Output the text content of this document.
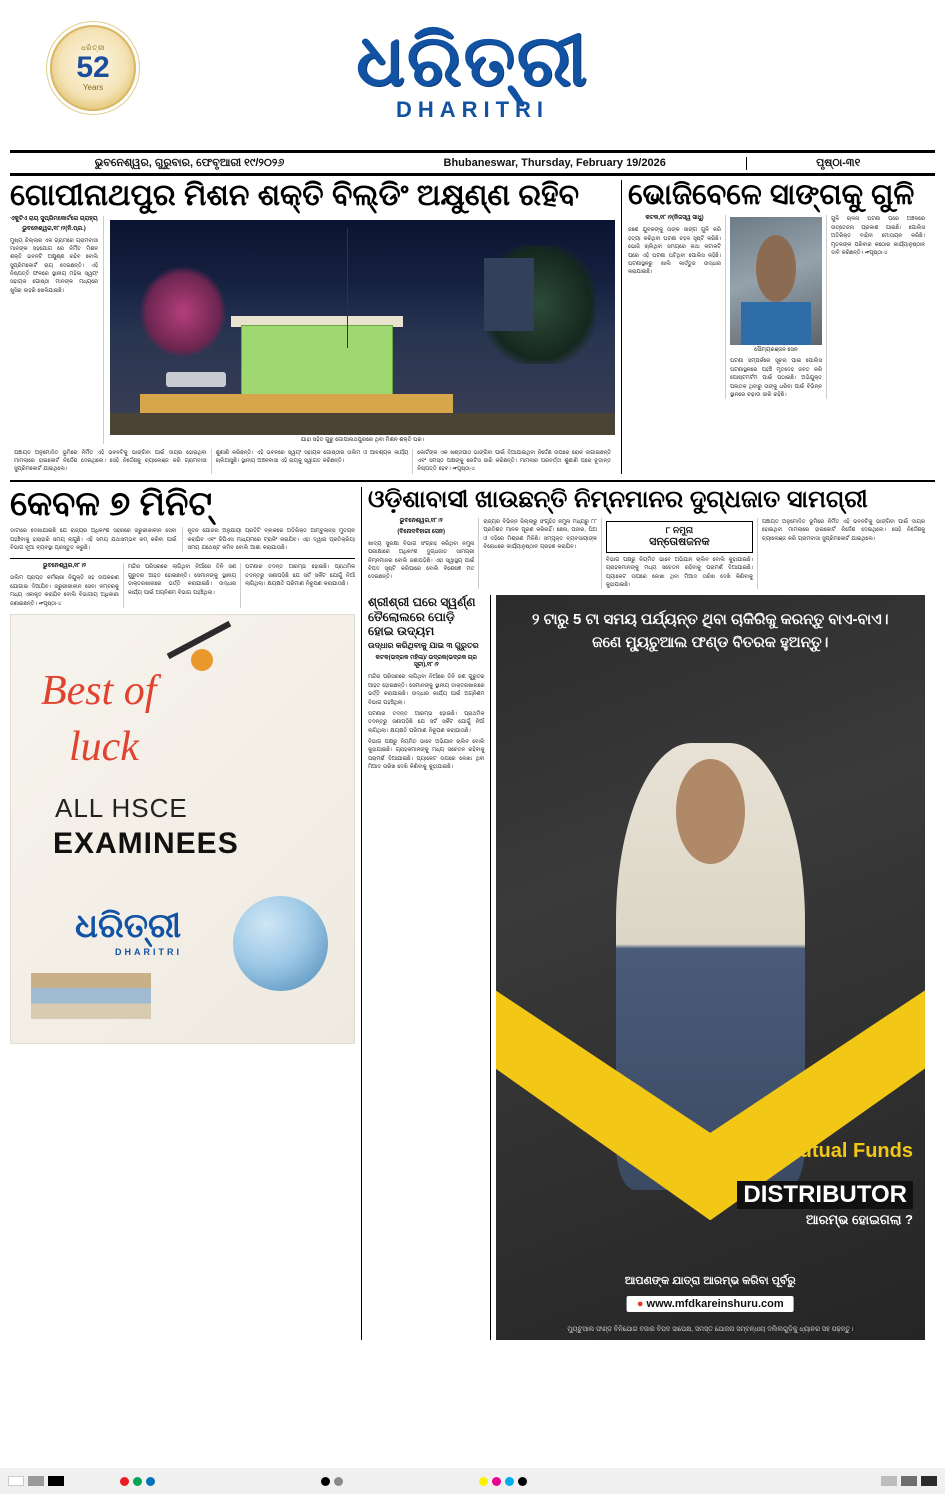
ଧରିତ୍ରୀ
52
Years	ଧରିତ୍ରୀ
DHARITRI
ଭୁବନେଶ୍ୱର, ଗୁରୁବାର, ଫେବୃଆରୀ ୧୯/୨୦୨୬	Bhubaneswar, Thursday, February 19/2026	ପୃଷ୍ଠା-୩୧
ଗୋପୀନାଥପୁର ମିଶନ ଶକ୍ତି ବିଲ୍ଡିଂ ଅକ୍ଷୁଣ୍ଣ ରହିବ
ଏକୁଟିଏ ରାୟ ସୁପ୍ରିମକୋର୍ଟରେ ଗ୍ରାହ୍ୟ
ଭୁବନେଶ୍ୱର,୧୮।୨(ନି.ପ୍ର.)
ମୁଖ୍ୟ ଜିଲ୍ଲାର ଏକ ଗ୍ରାମରେ ଗ୍ରାମବାସୀ ମାନଙ୍କ ସହଯୋଗ ରେ ନିର୍ମିତ ମିଶନ ଶକ୍ତି ଭବନଟି ଅକ୍ଷୁଣ୍ଣ ରହିବ ବୋଲି ସୁପ୍ରିମକୋର୍ଟ ରାୟ ଦେଇଛନ୍ତି। ଏହି ନିଷ୍ପତ୍ତି ଫଳରେ ସ୍ଥାନୀୟ ମହିଳା ସ୍ୱୟଂ ସହାୟକ ଗୋଷ୍ଠୀ ମାନଙ୍କ ମଧ୍ୟରେ ଖୁସିର ଲହରି ଖେଳିଯାଇଛି।
ଯାହା ସହିତ ଗୁରୁ ଗୋପୀନାଥପୁରରେ ଥିବା ମିଶନ ଶକ୍ତି ଘର।
ପଞ୍ଚାୟତ ଅନୁମୋଦିତ ଭୂମିରେ ନିର୍ମିତ ଏହି ଭବନଟିକୁ ଭାଙ୍ଗିବା ପାଇଁ ଦାୟର ହୋଇଥିବା ମାମଲାରେ ହାଇକୋର୍ଟ ନିର୍ଦ୍ଦେଶ ଦେଇଥିଲେ। ସେହି ନିର୍ଦ୍ଦେଶକୁ ଚ୍ୟାଲେଞ୍ଜ କରି ଗ୍ରାମବାସୀ ସୁପ୍ରିମକୋର୍ଟ ଯାଇଥିଲେ।
ଶୁଣାଣି କରିଛନ୍ତି। ଏହି ଭବନରେ ସ୍ୱୟଂ ସହାୟକ ଗୋଷ୍ଠୀର ତାଲିମ ଓ ଆବଶ୍ୟକ କାର୍ଯ୍ୟ ଚାଲିଆସୁଛି। ସ୍ଥାନୀୟ ଅଞ୍ଚଳବାସୀ ଏହି ରାୟକୁ ସ୍ୱାଗତ କରିଛନ୍ତି।
କୋର୍ଟଙ୍କ ଏକ ଖଣ୍ଡପୀଠ ଭାଙ୍ଗିବା ପାଇଁ ଦିଆଯାଇଥିବା ନିର୍ଦ୍ଦେଶ ଉପରେ ରୋକ ଲଗାଇଛନ୍ତି ଏବଂ ସମସ୍ତ ପକ୍ଷଙ୍କୁ ନୋଟିସ ଜାରି କରିଛନ୍ତି। ମାମଲାର ପରବର୍ତ୍ତୀ ଶୁଣାଣି ପରେ ଚୂଡ଼ାନ୍ତ ନିଷ୍ପତ୍ତି ହେବ। ☞ପୃଷ୍ଠା-୪
ଭୋଜିବେଳେ ସାଙ୍ଗକୁ ଗୁଳି
କଟକ,୧୮।୨(ନିଜସ୍ୱ ସାଧୁ)
ଜଣେ ଯୁବକଙ୍କୁ ତାଙ୍କ ସାଙ୍ଗ ଗୁଳି କରି ହତ୍ୟା କରିଥିବା ଘଟଣା ଚହଳ ସୃଷ୍ଟି କରିଛି। ଭୋଜି ଚାଲିଥିବା ସମୟରେ କଥା କଟାକଟି ପରେ ଏହି ଘଟଣା ଘଟିଥିବା ପୋଲିସ କହିଛି। ଘଟଣାସ୍ଥଳରୁ ଖାଲି କାର୍ତ୍ତୁଜ ଉଦ୍ଧାର କରାଯାଇଛି।
ସୌମ୍ୟରଞ୍ଜନ ସେନ
ଘଟଣା ସମ୍ପର୍କରେ ସୂଚନା ପାଇ ପୋଲିସ ଘଟଣାସ୍ଥଳରେ ପହଞ୍ଚି ମୃତଦେହ ଜବତ କରି ପୋଷ୍ଟମର୍ଟମ ପାଇଁ ପଠାଇଛି। ଅଭିଯୁକ୍ତ ପଳାତକ ଥିବାରୁ ତାଙ୍କୁ ଧରିବା ପାଇଁ ବିଭିନ୍ନ ସ୍ଥାନରେ ଚଢ଼ାଉ ଜାରି ରହିଛି।
ଗୁଳି ଚାଳନା ଘଟଣା ପରେ ଅଞ୍ଚଳରେ ଉତ୍ତେଜନା ପ୍ରକାଶ ପାଇଛି। ପୋଲିସ ଅତିରିକ୍ତ ବାହିନୀ ମୋତାୟନ କରିଛି। ମୃତକଙ୍କ ପରିବାର କଠୋର କାର୍ଯ୍ୟାନୁଷ୍ଠାନ ଦାବି କରିଛନ୍ତି। ☞ପୃଷ୍ଠା-୪
କେବଳ ୭ ମିନିଟ୍
ଡାଟାରେ ଦେଖାଯାଇଛି ଯେ ରାଜ୍ୟର ଅଧିକାଂଶ ସହରରେ ଜରୁରୀକାଳୀନ ସେବା ପହଞ୍ଚିବାକୁ ହାରାହାରି ସମୟ ଲାଗୁଛି। ଏହି ସମୟ ଯଥାସମ୍ଭବ କମ୍ କରିବା ପାଇଁ ବିଭାଗ ନୂଆ ବ୍ୟବସ୍ଥା ପ୍ରସ୍ତୁତ କରୁଛି।
ନୂତନ ଯୋଜନା ଅନୁଯାୟୀ ପ୍ରତିଟି ବ୍ଲକରେ ଅତିରିକ୍ତ ଆମ୍ବୁଲାନ୍ସ ମୁତୟନ କରାଯିବ ଏବଂ ଜିପିଏସ ମାଧ୍ୟମରେ ଟ୍ରାକିଂ କରାଯିବ। ଏହା ଦ୍ୱାରା ପ୍ରତିକ୍ରିୟା ସମୟ ଯଥେଷ୍ଟ କମିବ ବୋଲି ଆଶା କରାଯାଉଛି।
ଭୁବନେଶ୍ୱର,୧୮।୨
ତାଲିମ ପ୍ରାପ୍ତ କର୍ମଚାରୀ ନିଯୁକ୍ତି ସହ ଉପକରଣ ଯୋଗାଇ ଦିଆଯିବ। ଜରୁରୀକାଳୀନ ସେବା ନମ୍ବରକୁ ମଧ୍ୟ ଏକୀକୃତ କରାଯିବ ବୋଲି ବିଭାଗୀୟ ଅଧିକାରୀ ଜଣାଇଛନ୍ତି। ☞ପୃଷ୍ଠା-୪
ମନ୍ଦିର ପରିସରରେ ଲାଗିଥିବା ନିଆଁରେ ତିନି ଜଣ ଗୁରୁତର ଆହତ ହୋଇଛନ୍ତି। ସେମାନଙ୍କୁ ସ୍ଥାନୀୟ ଡାକ୍ତରଖାନାରେ ଭର୍ତ୍ତି କରାଯାଇଛି। ଉଦ୍ଧାର କାର୍ଯ୍ୟ ପାଇଁ ଅଗ୍ନିଶମ ବିଭାଗ ପହଞ୍ଚିଥିଲା।
ଘଟଣାର ତଦନ୍ତ ଆରମ୍ଭ ହୋଇଛି। ପ୍ରାଥମିକ ତଦନ୍ତରୁ ଜଣାପଡ଼ିଛି ଯେ ସର୍ଟ ସର୍କିଟ ଯୋଗୁଁ ନିଆଁ ଲାଗିଥିଲା। କ୍ଷୟକ୍ଷତି ପରିମାଣ ନିରୂପଣ କରାଯାଉଛି।
Best of
luck
ALL HSCE
EXAMINEES
ଧରିତ୍ରୀ
DHARITRI
ଓଡ଼ିଶାବାସୀ ଖାଉଛନ୍ତି ନିମ୍ନମାନର ଦୁଗ୍ଧଜାତ ସାମଗ୍ରୀ
ଭୁବନେଶ୍ୱର,୧୮।୨
(ବିନୋଦବିହାରୀ ସେନ)
ଖାଦ୍ୟ ସୁରକ୍ଷା ବିଭାଗ ସଂଗ୍ରହ କରିଥିବା ନମୁନା ପରୀକ୍ଷାରେ ଅଧିକାଂଶ ଦୁଗ୍ଧଜାତ ସାମଗ୍ରୀ ନିମ୍ନମାନର ବୋଲି ଜଣାପଡ଼ିଛି। ଏହା ସ୍ୱାସ୍ଥ୍ୟ ପାଇଁ ବିପଦ ସୃଷ୍ଟି କରିପାରେ ବୋଲି ବିଶେଷଜ୍ଞ ମତ ଦେଇଛନ୍ତି।
ରାଜ୍ୟର ବିଭିନ୍ନ ଜିଲ୍ଲାରୁ ସଂଗୃହିତ ନମୁନା ମଧ୍ୟରୁ ୮୮ ପ୍ରତିଶତ ମାନକ ପୂରଣ କରିନାହିଁ। ଛେନା, ପନୀର, ଘିଅ ଓ ଦହିରେ ମିଶ୍ରଣ ମିଳିଛି। ସମ୍ପୃକ୍ତ ବ୍ୟବସାୟୀଙ୍କ ବିରୋଧରେ କାର୍ଯ୍ୟାନୁଷ୍ଠାନ ଗ୍ରହଣ କରାଯିବ।
୮ ନମୁନା
ସନ୍ତୋଷଜନକ
ବିଭାଗ ପକ୍ଷରୁ ନିୟମିତ ଭାବେ ଅଭିଯାନ ଚାଲିବ ବୋଲି କୁହାଯାଇଛି। ଗ୍ରାହକମାନଙ୍କୁ ମଧ୍ୟ ସଚେତନ ରହିବାକୁ ପରାମର୍ଶ ଦିଆଯାଇଛି। ପ୍ୟାକେଟ ଉପରେ ଲେଖା ଥିବା ମିଆଦ ତାରିଖ ଦେଖି କିଣିବାକୁ କୁହାଯାଇଛି।
ପଞ୍ଚାୟତ ଅନୁମୋଦିତ ଭୂମିରେ ନିର୍ମିତ ଏହି ଭବନଟିକୁ ଭାଙ୍ଗିବା ପାଇଁ ଦାୟର ହୋଇଥିବା ମାମଲାରେ ହାଇକୋର୍ଟ ନିର୍ଦ୍ଦେଶ ଦେଇଥିଲେ। ସେହି ନିର୍ଦ୍ଦେଶକୁ ଚ୍ୟାଲେଞ୍ଜ କରି ଗ୍ରାମବାସୀ ସୁପ୍ରିମକୋର୍ଟ ଯାଇଥିଲେ।
ଶ୍ରୀଶ୍ରୀ ଘରେ ସ୍ୱର୍ଣ୍ଣ
ତୈଲୋଲରେ ପୋଡ଼ି
ହୋଇ ଉଦ୍ୟମ
ଉଦ୍ଧାର କରିଥିବାକୁ ଯାଇ ୩ ଗୁରୁତର
କଟକ(ଭଦ୍ରକ ମହିଳା)/ ଭଦ୍ରକ(ଭଦ୍ରକ ଗ୍ର ସୂଚୀ),୧୮।୨
ମନ୍ଦିର ପରିସରରେ ଲାଗିଥିବା ନିଆଁରେ ତିନି ଜଣ ଗୁରୁତର ଆହତ ହୋଇଛନ୍ତି। ସେମାନଙ୍କୁ ସ୍ଥାନୀୟ ଡାକ୍ତରଖାନାରେ ଭର୍ତ୍ତି କରାଯାଇଛି। ଉଦ୍ଧାର କାର୍ଯ୍ୟ ପାଇଁ ଅଗ୍ନିଶମ ବିଭାଗ ପହଞ୍ଚିଥିଲା।
ଘଟଣାର ତଦନ୍ତ ଆରମ୍ଭ ହୋଇଛି। ପ୍ରାଥମିକ ତଦନ୍ତରୁ ଜଣାପଡ଼ିଛି ଯେ ସର୍ଟ ସର୍କିଟ ଯୋଗୁଁ ନିଆଁ ଲାଗିଥିଲା। କ୍ଷୟକ୍ଷତି ପରିମାଣ ନିରୂପଣ କରାଯାଉଛି।
ବିଭାଗ ପକ୍ଷରୁ ନିୟମିତ ଭାବେ ଅଭିଯାନ ଚାଲିବ ବୋଲି କୁହାଯାଇଛି। ଗ୍ରାହକମାନଙ୍କୁ ମଧ୍ୟ ସଚେତନ ରହିବାକୁ ପରାମର୍ଶ ଦିଆଯାଇଛି। ପ୍ୟାକେଟ ଉପରେ ଲେଖା ଥିବା ମିଆଦ ତାରିଖ ଦେଖି କିଣିବାକୁ କୁହାଯାଇଛି।
୨ ଟାରୁ 5 ଟା ସମୟ ପର୍ଯ୍ୟନ୍ତ ଥିବା ଚାକିରିକୁ କରନ୍ତୁ ବାଏ-ବାଏ।
ଜଣେ ମ୍ୟୁଚୁଆଲ ଫଣ୍ଡ ବିତରକ ହୁଅନ୍ତୁ।
Mutual Funds

DISTRIBUTOR
ଆରମ୍ଭ ହୋଇଗଲା ?
ଆପଣଙ୍କ ଯାତ୍ରା ଆରମ୍ଭ କରିବା ପୂର୍ବରୁ
● www.mfdkareinshuru.com
ମ୍ୟୁଚୁଆଲ ଫଣ୍ଡ ବିନିଯୋଗ ବଜାର ବିପଦ ସାପେକ୍ଷ, ସମସ୍ତ ଯୋଜନା ସମ୍ବନ୍ଧୀୟ ଦଲିଲଗୁଡ଼ିକୁ ଧ୍ୟାନର ସହ ପଢ଼ନ୍ତୁ।
